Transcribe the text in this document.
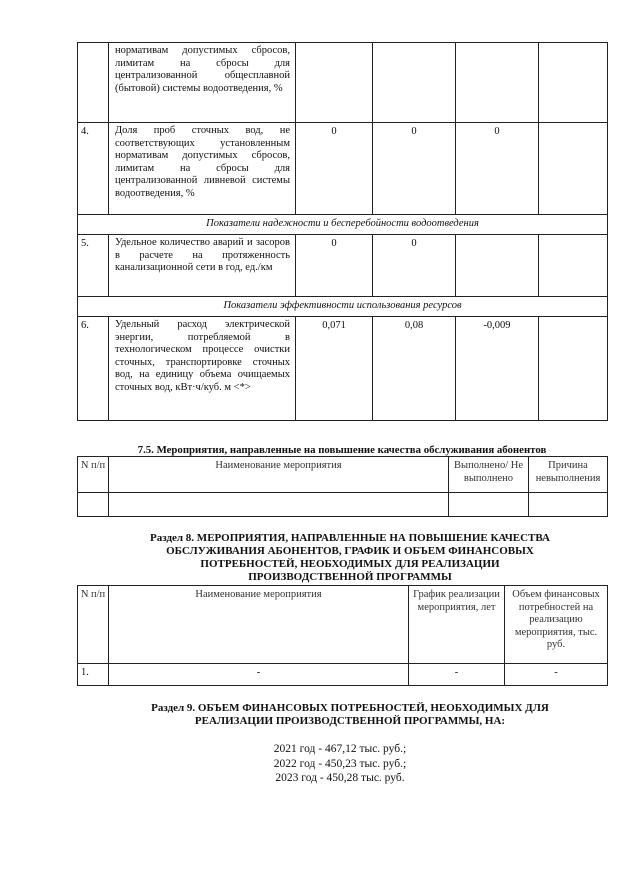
	нормативам допустимых сбросов, лимитам на сбросы для централизованной общесплавной (бытовой) системы водоотведения, %				
4.	Доля проб сточных вод, не соответствующих установленным нормативам допустимых сбросов, лимитам на сбросы для централизованной ливневой системы водоотведения, %	0	0	0	
Показатели надежности и бесперебойности водоотведения					
5.	Удельное количество аварий и засоров в расчете на протяженность канализационной сети в год, ед./км	0	0		
Показатели эффективности использования ресурсов					
6.	Удельный расход электрической энергии, потребляемой в технологическом процессе очистки сточных, транспортировке сточных вод, на единицу объема очищаемых сточных вод, кВт·ч/куб. м <*>	0,071	0,08	-0,009	
7.5. Мероприятия, направленные на повышение качества обслуживания абонентов
N п/п	Наименование мероприятия	Выполнено/ Не выполнено	Причина невыполнения

Раздел 8. МЕРОПРИЯТИЯ, НАПРАВЛЕННЫЕ НА ПОВЫШЕНИЕ КАЧЕСТВА ОБСЛУЖИВАНИЯ АБОНЕНТОВ, ГРАФИК И ОБЪЕМ ФИНАНСОВЫХ ПОТРЕБНОСТЕЙ, НЕОБХОДИМЫХ ДЛЯ РЕАЛИЗАЦИИ ПРОИЗВОДСТВЕННОЙ ПРОГРАММЫ
N п/п	Наименование мероприятия	График реализации мероприятия, лет	Объем финансовых потребностей на реализацию мероприятия, тыс. руб.
1.	-	-	-
Раздел 9. ОБЪЕМ ФИНАНСОВЫХ ПОТРЕБНОСТЕЙ, НЕОБХОДИМЫХ ДЛЯ РЕАЛИЗАЦИИ ПРОИЗВОДСТВЕННОЙ ПРОГРАММЫ, НА:
2021 год - 467,12 тыс. руб.;
2022 год - 450,23 тыс. руб.;
2023 год - 450,28 тыс. руб.
